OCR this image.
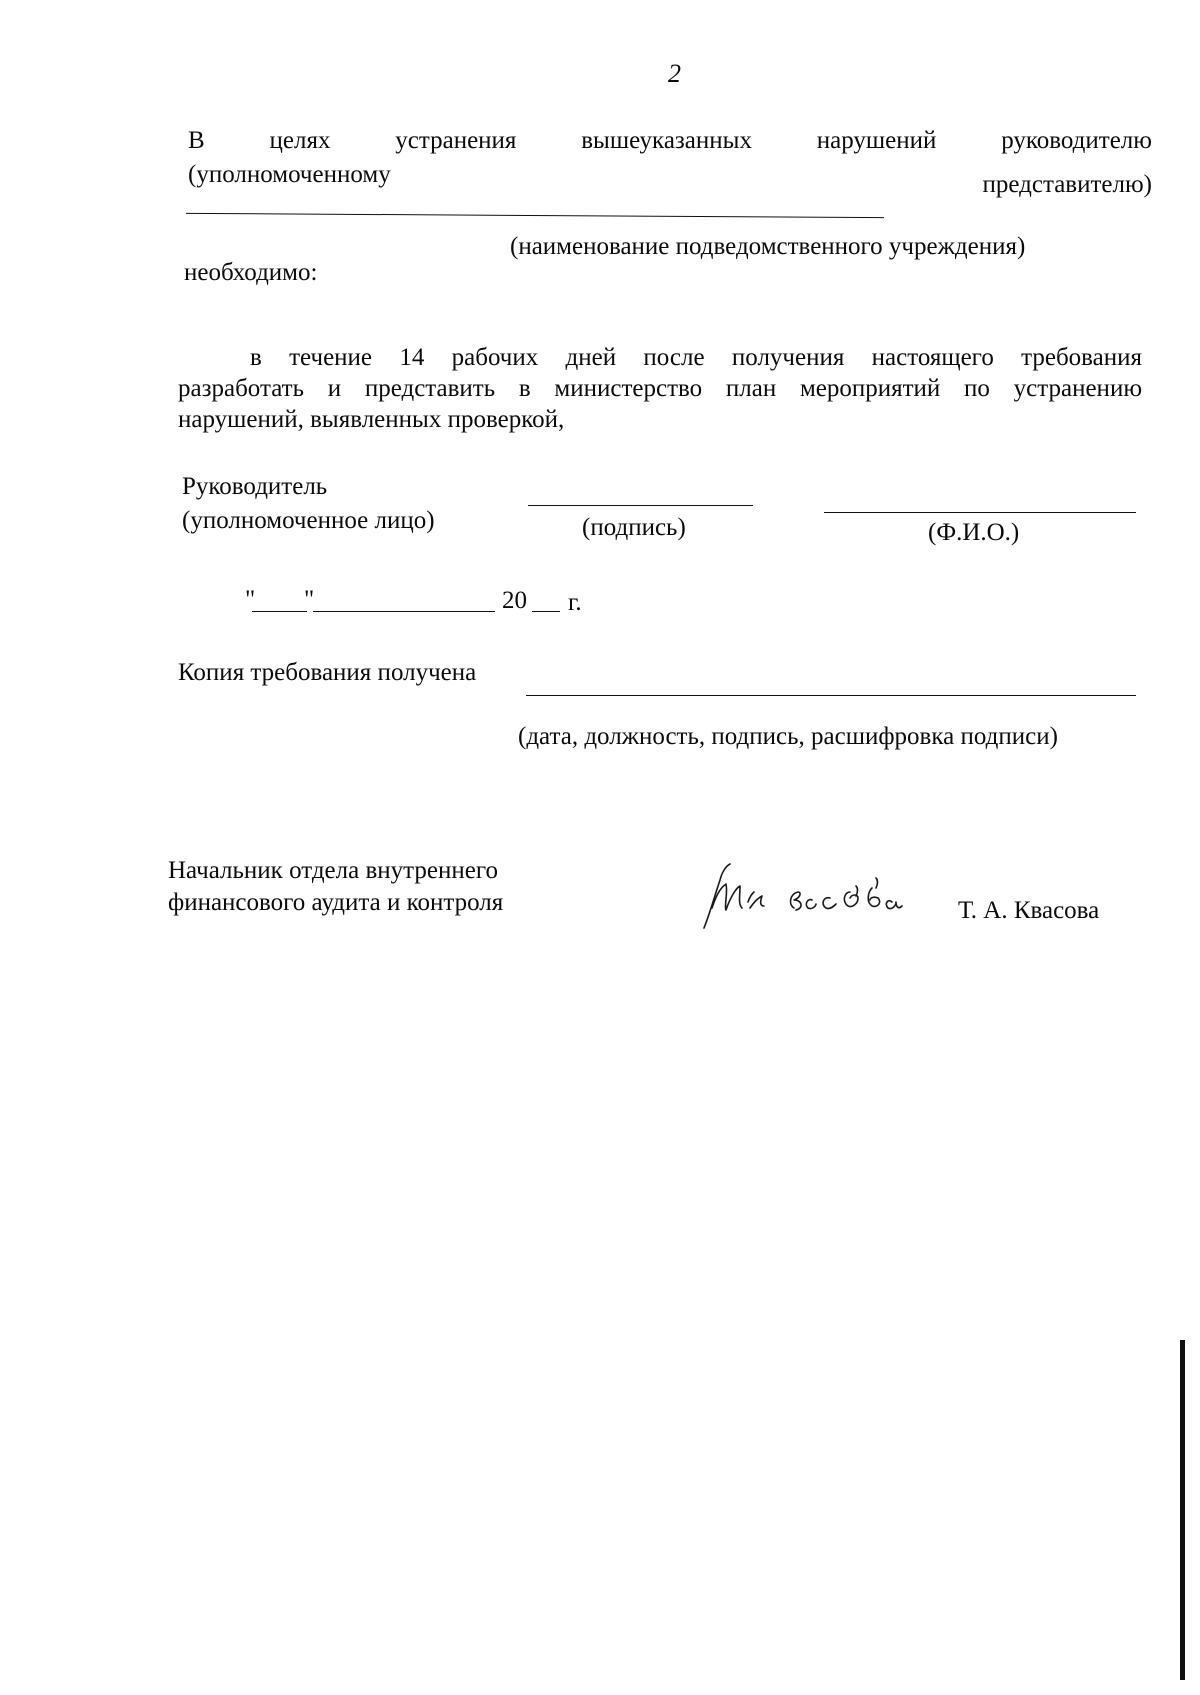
2
В	целях	устранения	вышеуказанных	нарушений	руководителю
(уполномоченному	представителю)
(наименование подведомственного учреждения)
необходимо:
в течение 14 рабочих дней после получения настоящего требования
разработать и представить в министерство план мероприятий по устранению
нарушений, выявленных проверкой,
Руководитель
(уполномоченное лицо)	(подпись)	(Ф.И.О.)
" "	20 г.
Копия требования получена
(дата, должность, подпись, расшифровка подписи)
Начальник отдела внутреннего
финансового аудита и контроля	Т. А. Квасова
